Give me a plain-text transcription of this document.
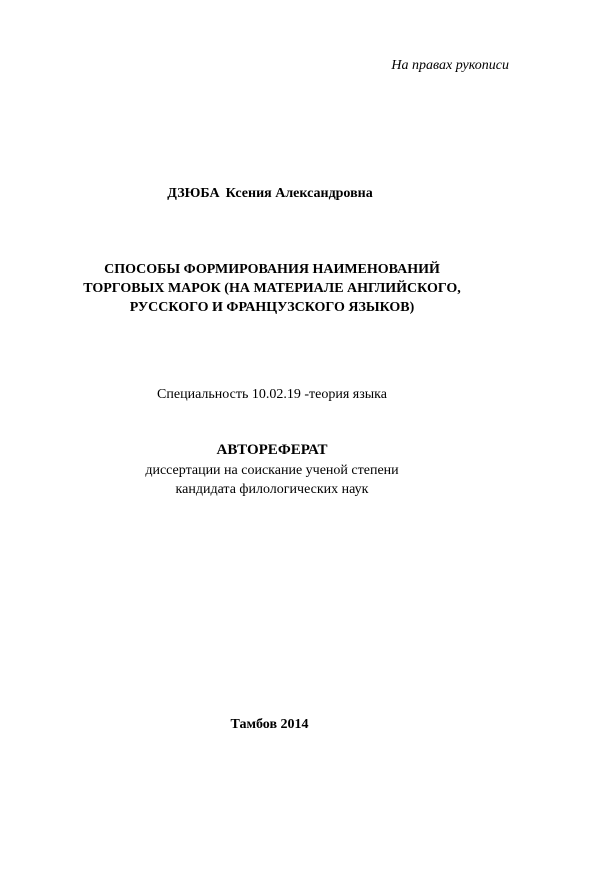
На правах рукописи
ДЗЮБА Ксения Александровна
СПОСОБЫ ФОРМИРОВАНИЯ НАИМЕНОВАНИЙ
ТОРГОВЫХ МАРОК (НА МАТЕРИАЛЕ АНГЛИЙСКОГО,
РУССКОГО И ФРАНЦУЗСКОГО ЯЗЫКОВ)
Специальность 10.02.19 -теория языка
АВТОРЕФЕРАТ
диссертации на соискание ученой степени
кандидата филологических наук
Тамбов 2014
